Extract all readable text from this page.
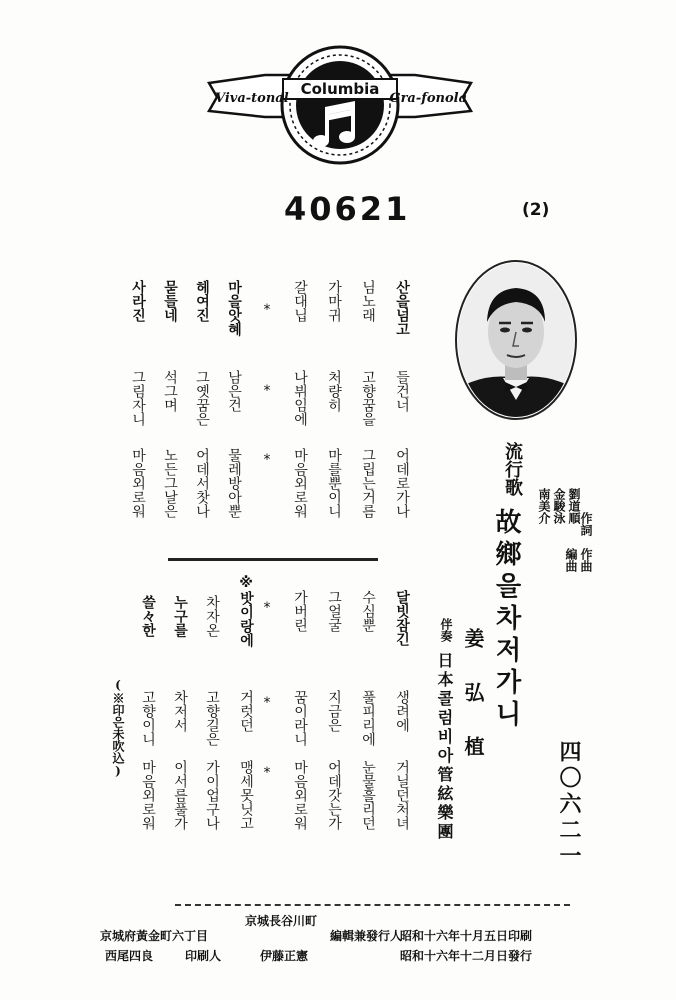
Viva-tonal
Columbia
Gra-fonola
40621	(2)
산을넘고
들건너
어데로가나
님노래
고향꿈을
그립는거름
가마귀
처량히
마를뿐이니
갈대닙
나뷔임에
마음외로워
*
*
*
마을앗혜
남은건
물레방아뿐
헤여진
그옛꿈은
어데서찻나
묻들네
석그며
노든그날은
사라진
그림자니
마음외로워
달빗잠긴
생려에
거닐던처녀
수심뿐
풀피리에
눈물흘리던
그얼굴
지금은
어데갓는가
가버린
꿈이라니
마음외로워
*
*
*
※밧이랑에
거럿던
맹세못닛고
차자온
고향길은
가이업구나
누구를
차저서
이서름풀가
쓸々한
고향이니
마음외로워
(※印은未吹込)
編曲 作曲
作詞
南美介 金駿泳 劉道順
流行歌
故鄉을차저가니
姜弘植
伴奏
日本콜럼비아管絃樂團	四〇六二一
昭和十六年十月五日印刷
編輯兼發行人
京城長谷川町
京城府黃金町六丁目
昭和十六年十二月日發行
伊藤正憲
印刷人
西尾四良
